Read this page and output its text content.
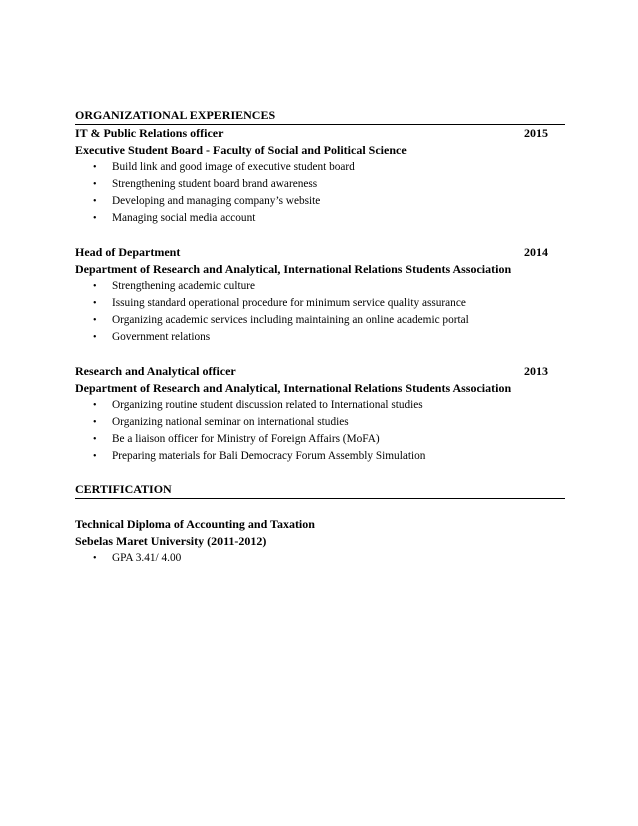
ORGANIZATIONAL EXPERIENCES
IT & Public Relations officer	2015
Executive Student Board - Faculty of Social and Political Science
• Build link and good image of executive student board
• Strengthening student board brand awareness
• Developing and managing company’s website
• Managing social media account
Head of Department	2014
Department of Research and Analytical, International Relations Students Association
• Strengthening academic culture
• Issuing standard operational procedure for minimum service quality assurance
• Organizing academic services including maintaining an online academic portal
• Government relations
Research and Analytical officer	2013
Department of Research and Analytical, International Relations Students Association
• Organizing routine student discussion related to International studies
• Organizing national seminar on international studies
• Be a liaison officer for Ministry of Foreign Affairs (MoFA)
• Preparing materials for Bali Democracy Forum Assembly Simulation
CERTIFICATION
Technical Diploma of Accounting and Taxation
Sebelas Maret University (2011-2012)
• GPA 3.41/ 4.00
